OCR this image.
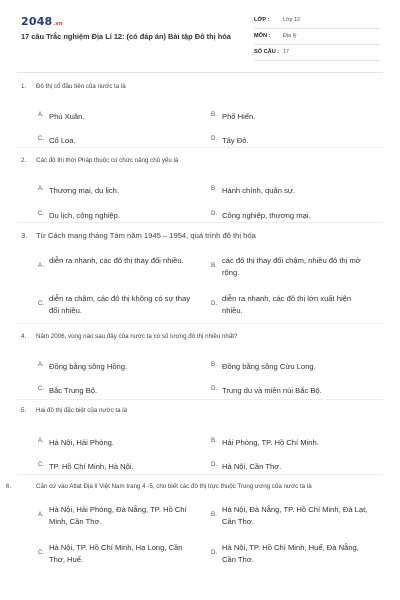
2048.vn
17 câu Trắc nghiệm Địa Lí 12: (có đáp án) Bài tập Đô thị hóa
LỚP :	Lớp 12
MÔN : Địa lý
SỐ CÂU : 17
1. Đô thị cổ đầu tiên của nước ta là
A. Phú Xuân.	B. Phố Hiến.
C. Cổ Loa.	D. Tây Đô.
2. Các đô thị thời Pháp thuộc có chức năng chủ yếu là
A. Thương mại, du lịch.	B. Hành chính, quân sự.
C. Du lịch, công nghiệp.	D. Công nghiệp, thương mại.
3. Từ Cách mạng tháng Tám năm 1945 – 1954, quá trình đô thị hóa
A.
diễn ra nhanh, các đô thị thay đổi nhiều.
B.
các đô thị thay đổi chậm, nhiều đô thị mở rộng.
C.
diễn ra chậm, các đô thị không có sự thay đổi nhiều.
D.
diễn ra nhanh, các đô thị lớn xuất hiện nhiều.
4. Năm 2006, vùng nào sau đây của nước ta có số lượng đô thị nhiều nhất?
A. Đồng bằng sông Hồng.	B. Đồng bằng sông Cửu Long.
C. Bắc Trung Bộ.	D. Trung du và miền núi Bắc Bộ.
5. Hai đô thị đặc biệt của nước ta là
A. Hà Nội, Hải Phòng.	B. Hải Phòng, TP. Hồ Chí Minh.
C. TP. Hồ Chí Minh, Hà Nội.	D. Hà Nội, Cần Thơ.
6.	Căn cứ vào Atlat Địa lí Việt Nam trang 4 -5, cho biết các đô thị trực thuộc Trung ương của nước ta là
A.
Hà Nội, Hải Phòng, Đà Nẵng, TP. Hồ Chí Minh, Cần Thơ.
B.
Hà Nội, Đà Nẵng, TP. Hồ Chí Minh, Đà Lạt, Cần Thơ.
C.
Hà Nội, TP. Hồ Chí Minh, Hạ Long, Cần Thơ, Huế.
D.
Hà Nội, TP. Hồ Chí Minh, Huế, Đà Nẵng, Cần Thơ.
